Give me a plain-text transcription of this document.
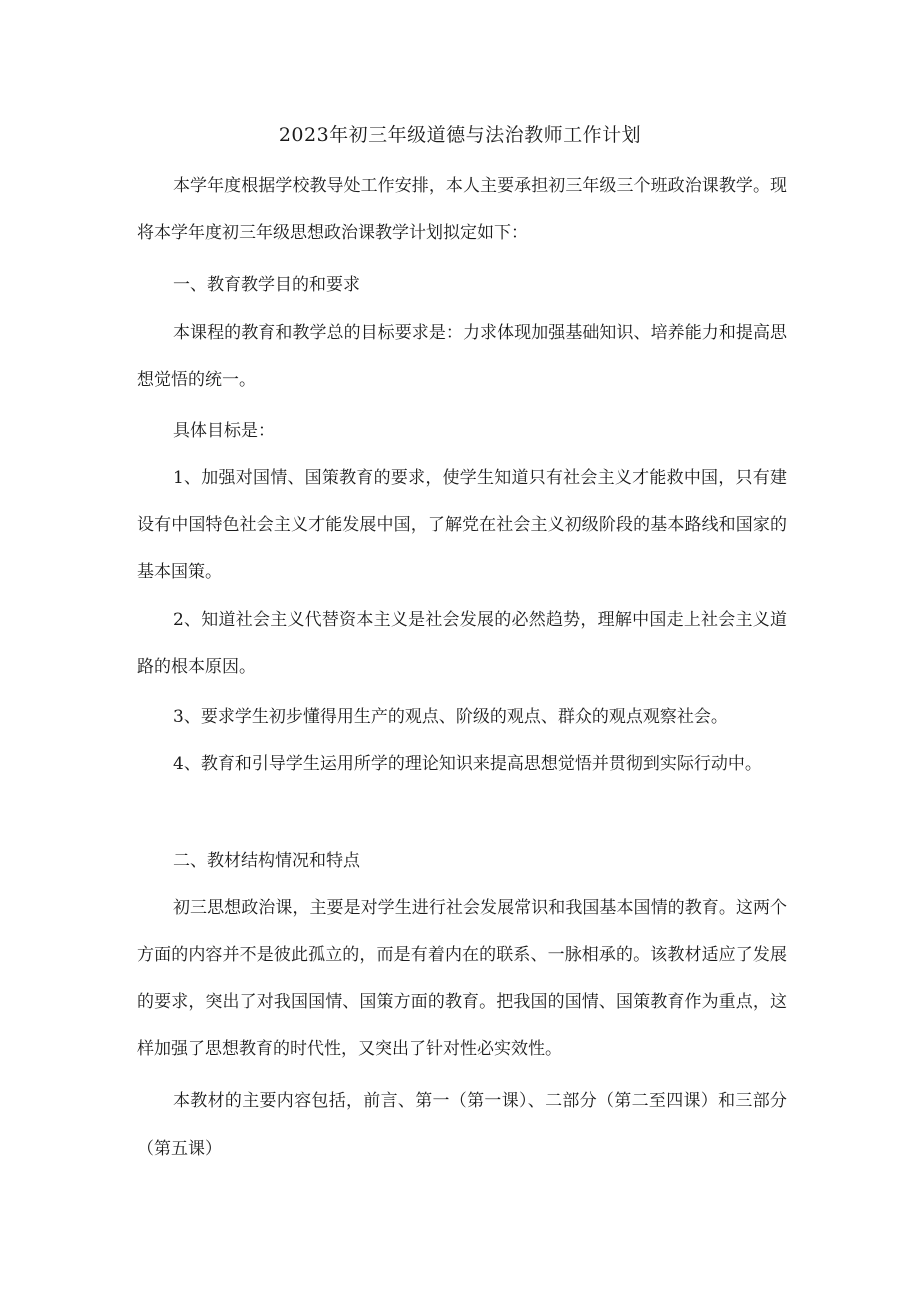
2023年初三年级道德与法治教师工作计划

本学年度根据学校教导处工作安排，本人主要承担初三年级三个班政治课教学。现将本学年度初三年级思想政治课教学计划拟定如下：

一、教育教学目的和要求

本课程的教育和教学总的目标要求是：力求体现加强基础知识、培养能力和提高思想觉悟的统一。

具体目标是：

1、加强对国情、国策教育的要求，使学生知道只有社会主义才能救中国，只有建设有中国特色社会主义才能发展中国，了解党在社会主义初级阶段的基本路线和国家的基本国策。

2、知道社会主义代替资本主义是社会发展的必然趋势，理解中国走上社会主义道路的根本原因。

3、要求学生初步懂得用生产的观点、阶级的观点、群众的观点观察社会。

4、教育和引导学生运用所学的理论知识来提高思想觉悟并贯彻到实际行动中。

二、教材结构情况和特点

初三思想政治课，主要是对学生进行社会发展常识和我国基本国情的教育。这两个方面的内容并不是彼此孤立的，而是有着内在的联系、一脉相承的。该教材适应了发展的要求，突出了对我国国情、国策方面的教育。把我国的国情、国策教育作为重点，这样加强了思想教育的时代性，又突出了针对性必实效性。

本教材的主要内容包括，前言、第一（第一课）、二部分（第二至四课）和三部分（第五课）
